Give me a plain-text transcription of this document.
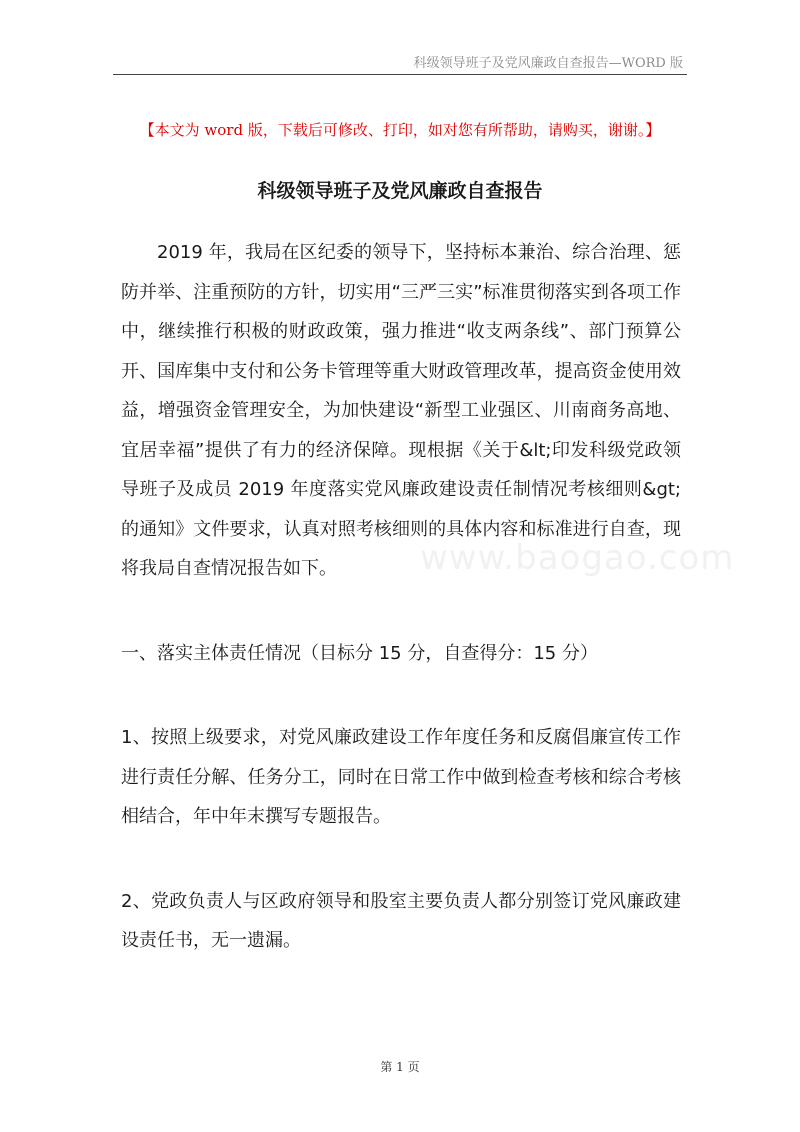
科级领导班子及党风廉政自查报告—WORD 版
【本文为 word 版，下载后可修改、打印，如对您有所帮助，请购买，谢谢。】
科级领导班子及党风廉政自查报告
www.baogao.com

2019 年，我局在区纪委的领导下，坚持标本兼治、综合治理、惩防并举、注重预防的方针，切实用“三严三实”标准贯彻落实到各项工作中，继续推行积极的财政政策，强力推进“收支两条线”、部门预算公开、国库集中支付和公务卡管理等重大财政管理改革，提高资金使用效益，增强资金管理安全，为加快建设“新型工业强区、川南商务高地、宜居幸福”提供了有力的经济保障。现根据《关于&lt;印发科级党政领导班子及成员 2019 年度落实党风廉政建设责任制情况考核细则&gt;的通知》文件要求，认真对照考核细则的具体内容和标准进行自查，现将我局自查情况报告如下。

一、落实主体责任情况（目标分 15 分，自查得分：15 分）

1、按照上级要求，对党风廉政建设工作年度任务和反腐倡廉宣传工作进行责任分解、任务分工，同时在日常工作中做到检查考核和综合考核相结合，年中年末撰写专题报告。

2、党政负责人与区政府领导和股室主要负责人都分别签订党风廉政建设责任书，无一遗漏。

第 1 页
